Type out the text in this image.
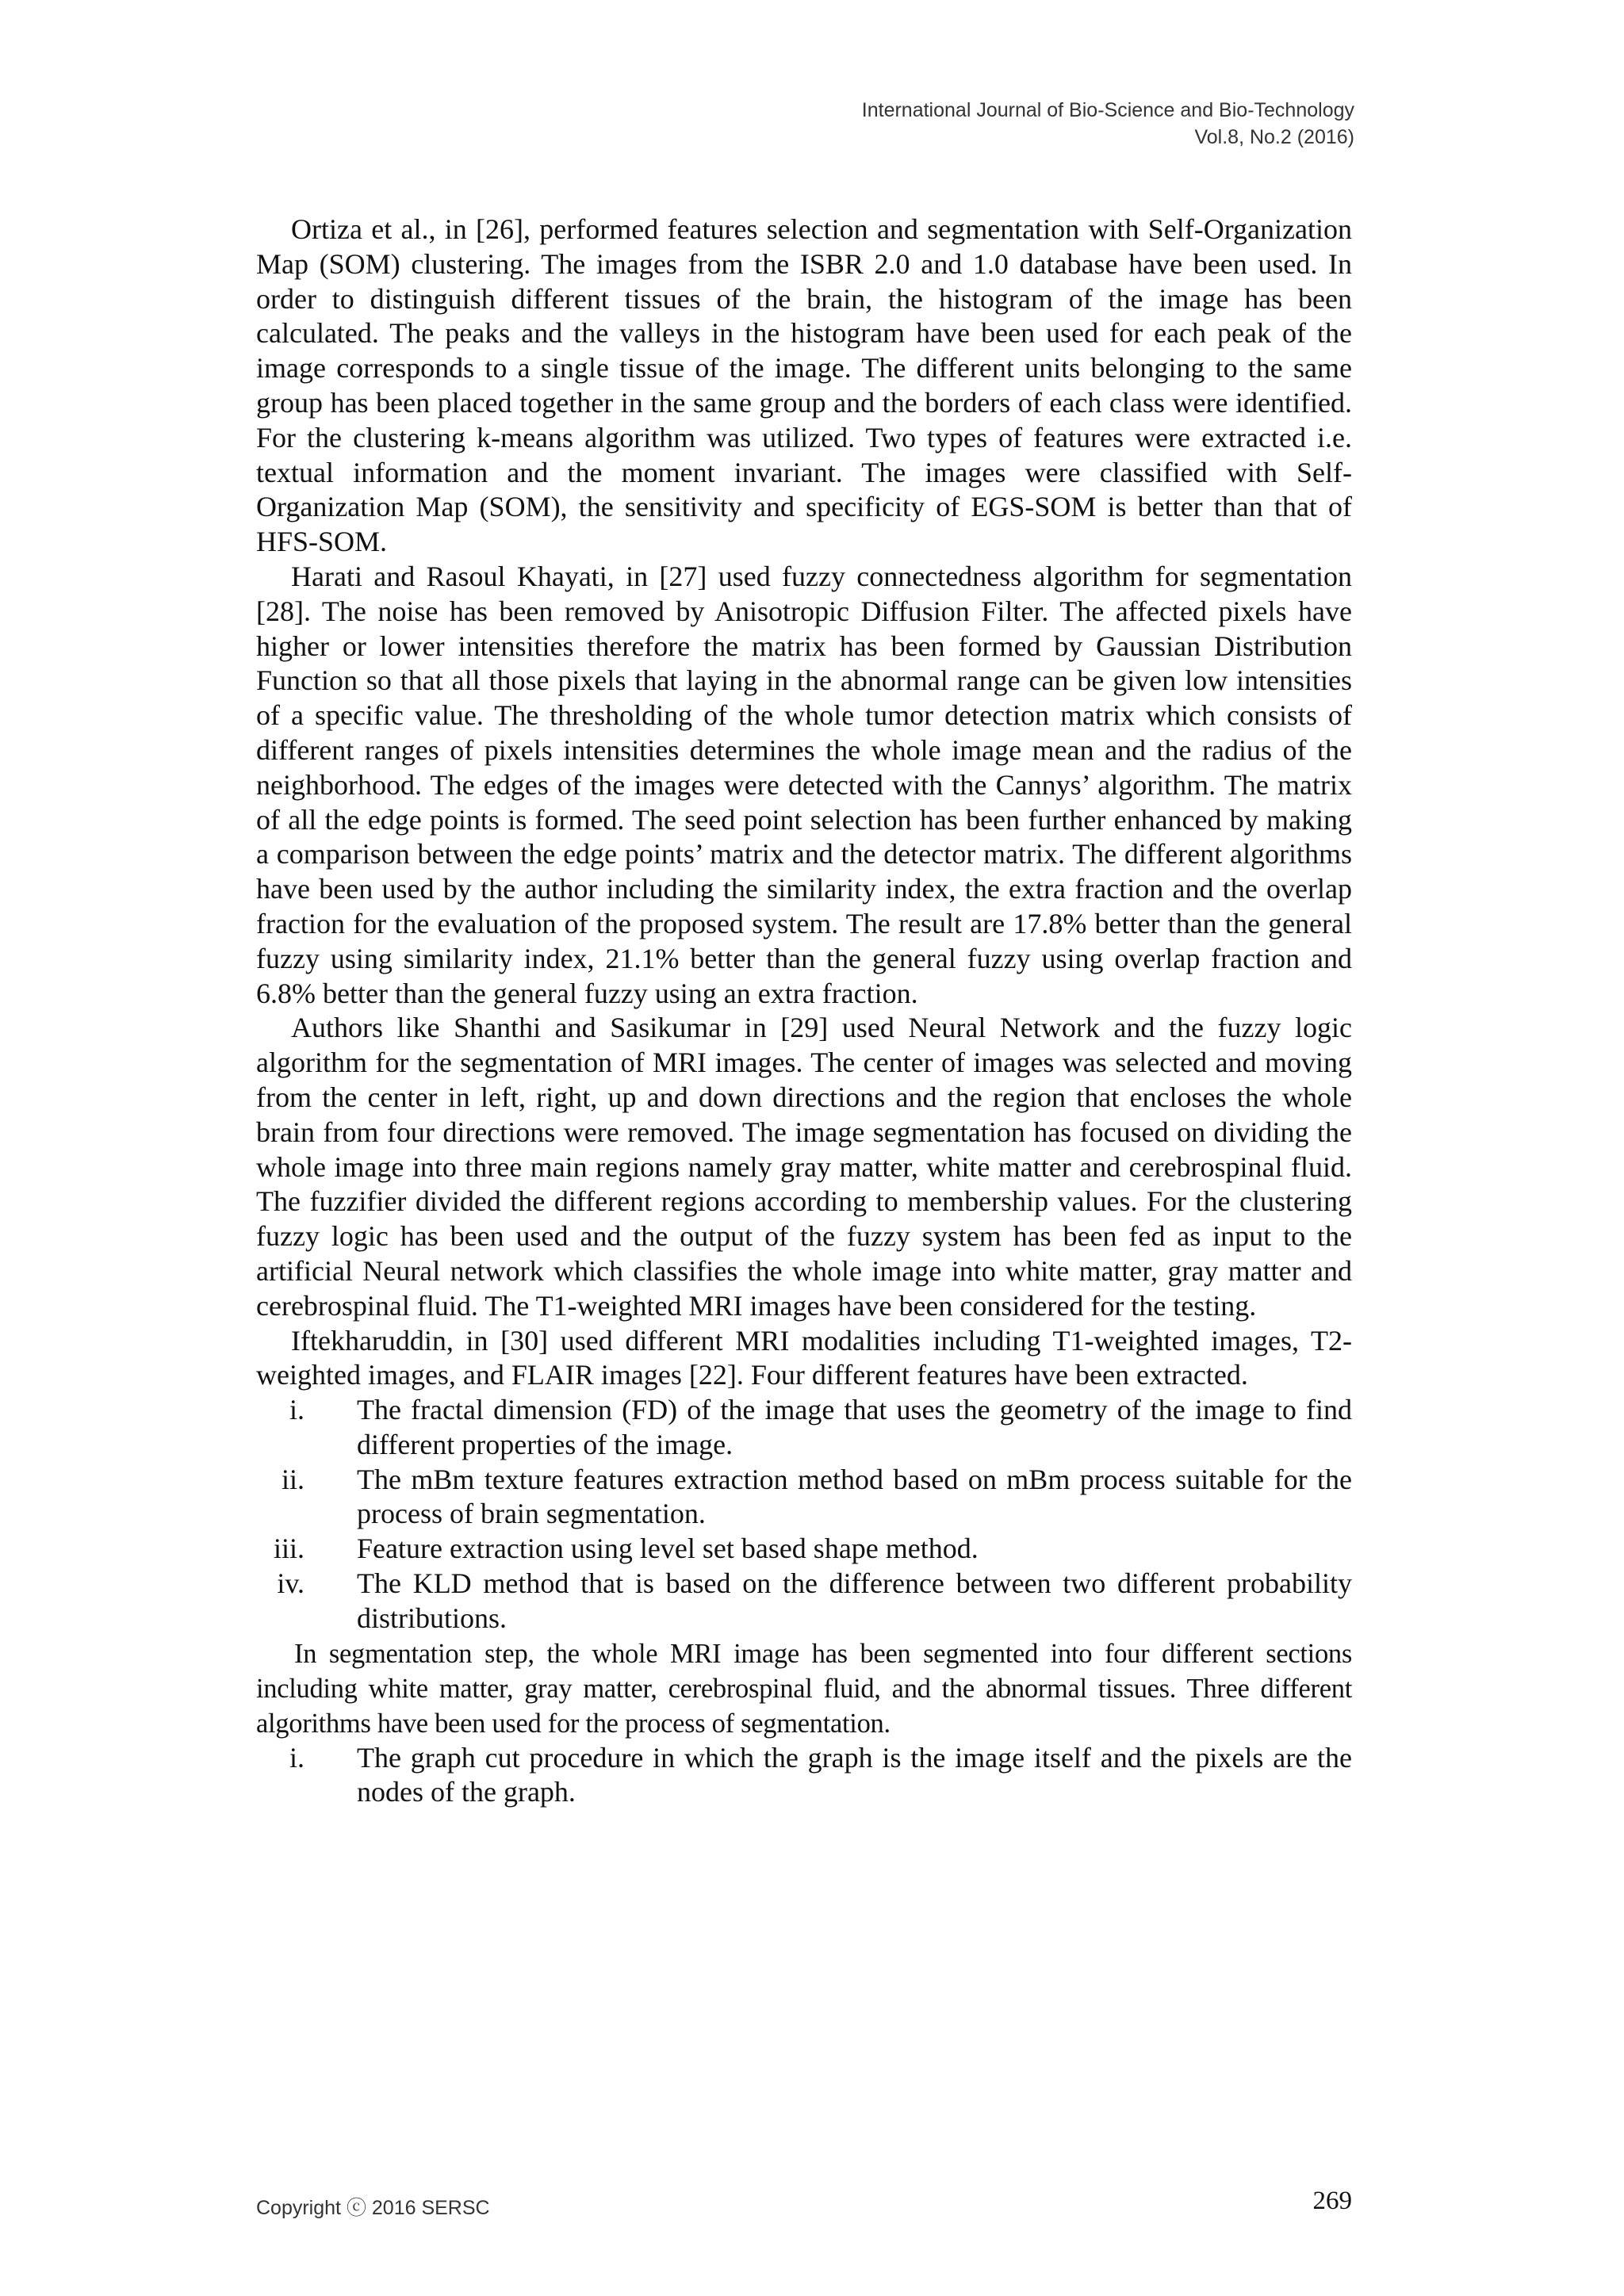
International Journal of Bio-Science and Bio-Technology
Vol.8, No.2 (2016)

Ortiza et al., in [26], performed features selection and segmentation with Self-Organization Map (SOM) clustering. The images from the ISBR 2.0 and 1.0 database have been used. In order to distinguish different tissues of the brain, the histogram of the image has been calculated. The peaks and the valleys in the histogram have been used for each peak of the image corresponds to a single tissue of the image. The different units belonging to the same group has been placed together in the same group and the borders of each class were identified. For the clustering k-means algorithm was utilized. Two types of features were extracted i.e. textual information and the moment invariant. The images were classified with Self-Organization Map (SOM), the sensitivity and specificity of EGS-SOM is better than that of HFS-SOM.

Harati and Rasoul Khayati, in [27] used fuzzy connectedness algorithm for segmentation [28]. The noise has been removed by Anisotropic Diffusion Filter. The affected pixels have higher or lower intensities therefore the matrix has been formed by Gaussian Distribution Function so that all those pixels that laying in the abnormal range can be given low intensities of a specific value. The thresholding of the whole tumor detection matrix which consists of different ranges of pixels intensities determines the whole image mean and the radius of the neighborhood. The edges of the images were detected with the Cannys’ algorithm. The matrix of all the edge points is formed. The seed point selection has been further enhanced by making a comparison between the edge points’ matrix and the detector matrix. The different algorithms have been used by the author including the similarity index, the extra fraction and the overlap fraction for the evaluation of the proposed system. The result are 17.8% better than the general fuzzy using similarity index, 21.1% better than the general fuzzy using overlap fraction and 6.8% better than the general fuzzy using an extra fraction.

Authors like Shanthi and Sasikumar in [29] used Neural Network and the fuzzy logic algorithm for the segmentation of MRI images. The center of images was selected and moving from the center in left, right, up and down directions and the region that encloses the whole brain from four directions were removed. The image segmentation has focused on dividing the whole image into three main regions namely gray matter, white matter and cerebrospinal fluid. The fuzzifier divided the different regions according to membership values. For the clustering fuzzy logic has been used and the output of the fuzzy system has been fed as input to the artificial Neural network which classifies the whole image into white matter, gray matter and cerebrospinal fluid. The T1-weighted MRI images have been considered for the testing.

Iftekharuddin, in [30] used different MRI modalities including T1-weighted images, T2-weighted images, and FLAIR images [22]. Four different features have been extracted.

i.	The fractal dimension (FD) of the image that uses the geometry of the image to find different properties of the image.
ii.	The mBm texture features extraction method based on mBm process suitable for the process of brain segmentation.
iii.	Feature extraction using level set based shape method.
iv.	The KLD method that is based on the difference between two different probability distributions.

In segmentation step, the whole MRI image has been segmented into four different sections including white matter, gray matter, cerebrospinal fluid, and the abnormal tissues. Three different algorithms have been used for the process of segmentation.

i.	The graph cut procedure in which the graph is the image itself and the pixels are the nodes of the graph.
Copyright ⓒ 2016 SERSC	269
